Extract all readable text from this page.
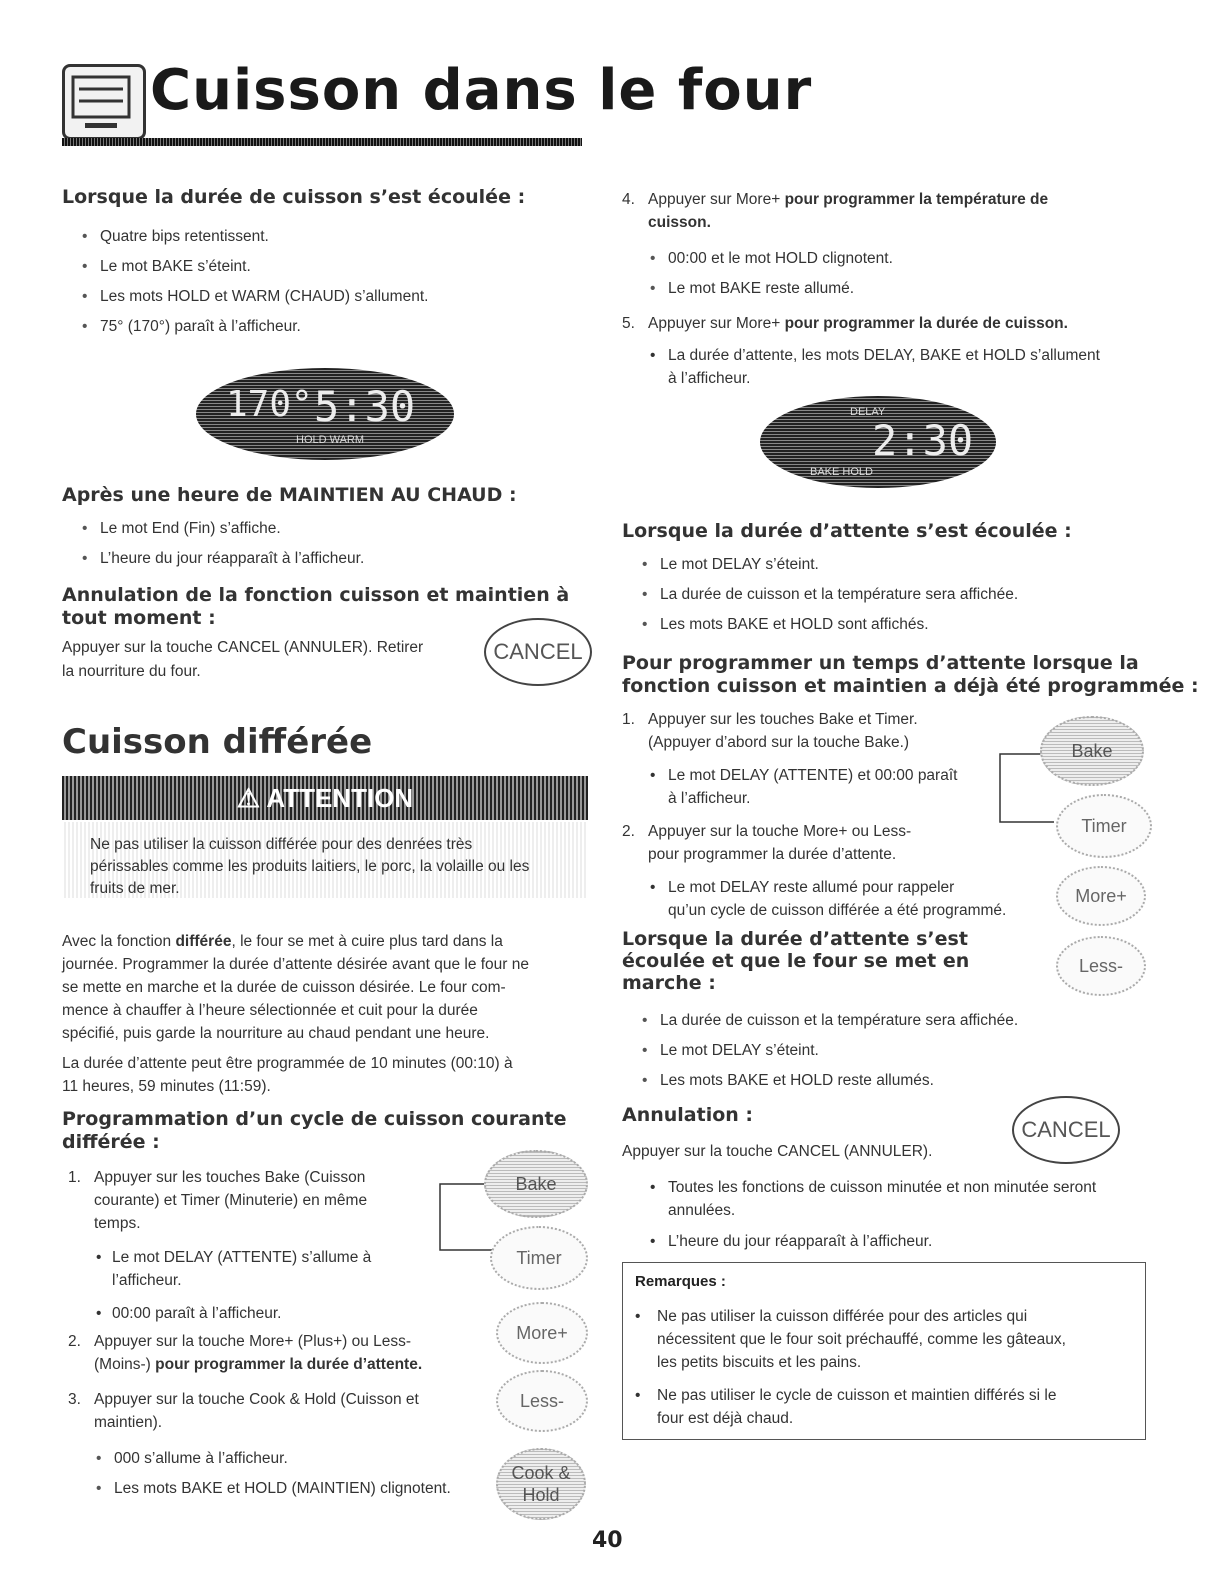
Cuisson dans le four
Lorsque la durée de cuisson s’est écoulée :
• Quatre bips retentissent.
• Le mot BAKE s’éteint.
• Les mots HOLD et WARM (CHAUD) s’allument.
• 75° (170°) paraît à l’afficheur.
170° 5:30
HOLD WARM
Après une heure de MAINTIEN AU CHAUD :
• Le mot End (Fin) s’affiche.
• L’heure du jour réapparaît à l’afficheur.
Annulation de la fonction cuisson et maintien à tout moment :
Appuyer sur la touche CANCEL (ANNULER). Retirer
la nourriture du four.
CANCEL
Cuisson différée
⚠ ATTENTION
Ne pas utiliser la cuisson différée pour des denrées très
périssables comme les produits laitiers, le porc, la volaille ou les
fruits de mer.
Avec la fonction différée, le four se met à cuire plus tard dans la
journée. Programmer la durée d’attente désirée avant que le four ne
se mette en marche et la durée de cuisson désirée. Le four com-
mence à chauffer à l’heure sélectionnée et cuit pour la durée
spécifié, puis garde la nourriture au chaud pendant une heure.
La durée d’attente peut être programmée de 10 minutes (00:10) à
11 heures, 59 minutes (11:59).
Programmation d’un cycle de cuisson courante
différée :
1. Appuyer sur les touches Bake (Cuisson
courante) et Timer (Minuterie) en même
temps.
• Le mot DELAY (ATTENTE) s’allume à
l’afficheur.
• 00:00 paraît à l’afficheur.
2. Appuyer sur la touche More+ (Plus+) ou Less-
(Moins-) pour programmer la durée d’attente.
3. Appuyer sur la touche Cook & Hold (Cuisson et
maintien).
• 000 s’allume à l’afficheur.
• Les mots BAKE et HOLD (MAINTIEN) clignotent.
Bake
Timer
More+
Less-
Cook &
Hold
4. Appuyer sur More+ pour programmer la température de
cuisson.
• 00:00 et le mot HOLD clignotent.
• Le mot BAKE reste allumé.
5. Appuyer sur More+ pour programmer la durée de cuisson.
• La durée d’attente, les mots DELAY, BAKE et HOLD s’allument
à l’afficheur.
DELAY
2:30
BAKE HOLD
Lorsque la durée d’attente s’est écoulée :
• Le mot DELAY s’éteint.
• La durée de cuisson et la température sera affichée.
• Les mots BAKE et HOLD sont affichés.
Pour programmer un temps d’attente lorsque la
fonction cuisson et maintien a déjà été programmée :
1. Appuyer sur les touches Bake et Timer.
(Appuyer d’abord sur la touche Bake.)
• Le mot DELAY (ATTENTE) et 00:00 paraît
à l’afficheur.
2. Appuyer sur la touche More+ ou Less-
pour programmer la durée d’attente.
• Le mot DELAY reste allumé pour rappeler
qu’un cycle de cuisson différée a été programmé.
Bake
Timer
More+
Less-
Lorsque la durée d’attente s’est
écoulée et que le four se met en
marche :
• La durée de cuisson et la température sera affichée.
• Le mot DELAY s’éteint.
• Les mots BAKE et HOLD reste allumés.
Annulation :
Appuyer sur la touche CANCEL (ANNULER).
CANCEL
• Toutes les fonctions de cuisson minutée et non minutée seront
annulées.
• L’heure du jour réapparaît à l’afficheur.
Remarques :
• Ne pas utiliser la cuisson différée pour des articles qui
nécessitent que le four soit préchauffé, comme les gâteaux,
les petits biscuits et les pains.
• Ne pas utiliser le cycle de cuisson et maintien différés si le
four est déjà chaud.
40
